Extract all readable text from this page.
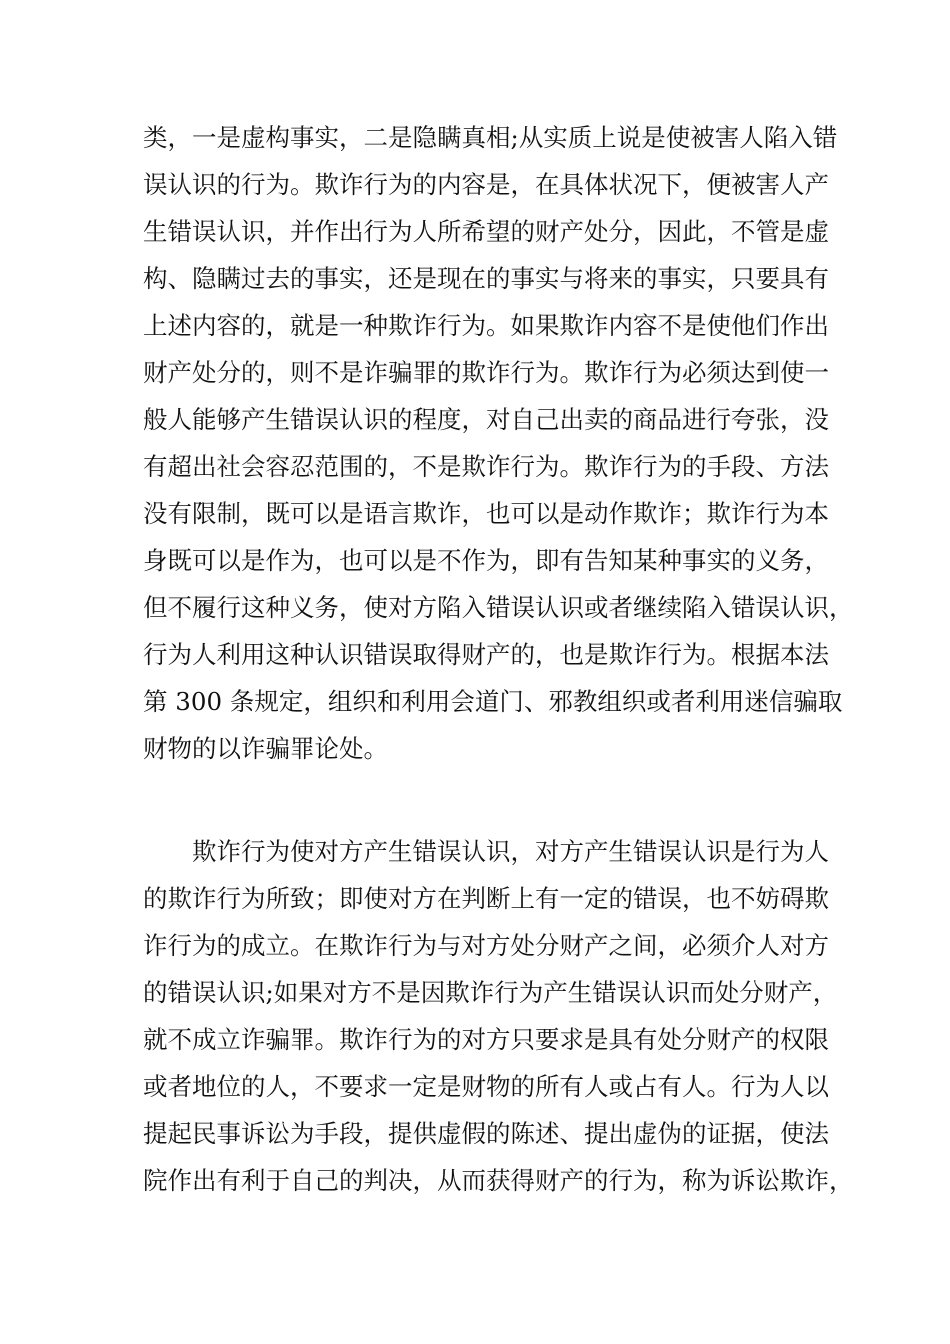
类，一是虚构事实，二是隐瞒真相;从实质上说是使被害人陷入错
误认识的行为。欺诈行为的内容是，在具体状况下，便被害人产
生错误认识，并作出行为人所希望的财产处分，因此，不管是虚
构、隐瞒过去的事实，还是现在的事实与将来的事实，只要具有
上述内容的，就是一种欺诈行为。如果欺诈内容不是使他们作出
财产处分的，则不是诈骗罪的欺诈行为。欺诈行为必须达到使一
般人能够产生错误认识的程度，对自己出卖的商品进行夸张，没
有超出社会容忍范围的，不是欺诈行为。欺诈行为的手段、方法
没有限制，既可以是语言欺诈，也可以是动作欺诈；欺诈行为本
身既可以是作为，也可以是不作为，即有告知某种事实的义务，
但不履行这种义务，使对方陷入错误认识或者继续陷入错误认识，
行为人利用这种认识错误取得财产的，也是欺诈行为。根据本法
第 300 条规定，组织和利用会道门、邪教组织或者利用迷信骗取
财物的以诈骗罪论处。
欺诈行为使对方产生错误认识，对方产生错误认识是行为人
的欺诈行为所致；即使对方在判断上有一定的错误，也不妨碍欺
诈行为的成立。在欺诈行为与对方处分财产之间，必须介人对方
的错误认识;如果对方不是因欺诈行为产生错误认识而处分财产，
就不成立诈骗罪。欺诈行为的对方只要求是具有处分财产的权限
或者地位的人，不要求一定是财物的所有人或占有人。行为人以
提起民事诉讼为手段，提供虚假的陈述、提出虚伪的证据，使法
院作出有利于自己的判决，从而获得财产的行为，称为诉讼欺诈，
